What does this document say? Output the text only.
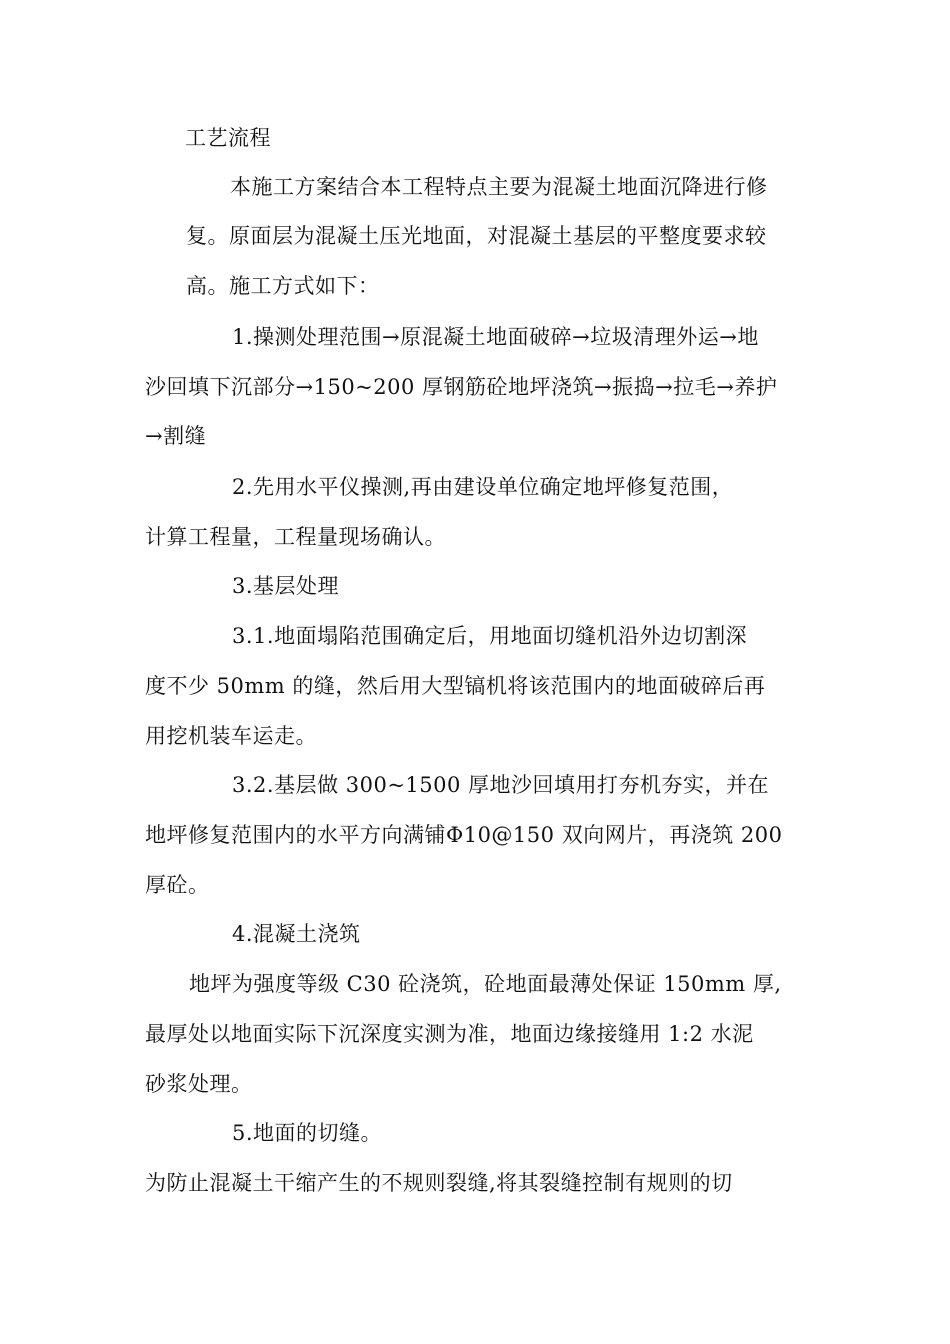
工艺流程
本施工方案结合本工程特点主要为混凝土地面沉降进行修
复。原面层为混凝土压光地面，对混凝土基层的平整度要求较
高。施工方式如下：
1.操测处理范围→原混凝土地面破碎→垃圾清理外运→地
沙回填下沉部分→150~200 厚钢筋砼地坪浇筑→振捣→拉毛→养护
→割缝
2.先用水平仪操测,再由建设单位确定地坪修复范围，
计算工程量，工程量现场确认。
3.基层处理
3.1.地面塌陷范围确定后，用地面切缝机沿外边切割深
度不少 50mm 的缝，然后用大型镐机将该范围内的地面破碎后再
用挖机装车运走。
3.2.基层做 300~1500 厚地沙回填用打夯机夯实，并在
地坪修复范围内的水平方向满铺Φ10@150 双向网片，再浇筑 200
厚砼。
4.混凝土浇筑
地坪为强度等级 C30 砼浇筑，砼地面最薄处保证 150mm 厚,
最厚处以地面实际下沉深度实测为准，地面边缘接缝用 1:2 水泥
砂浆处理。
5.地面的切缝。
为防止混凝土干缩产生的不规则裂缝,将其裂缝控制有规则的切
